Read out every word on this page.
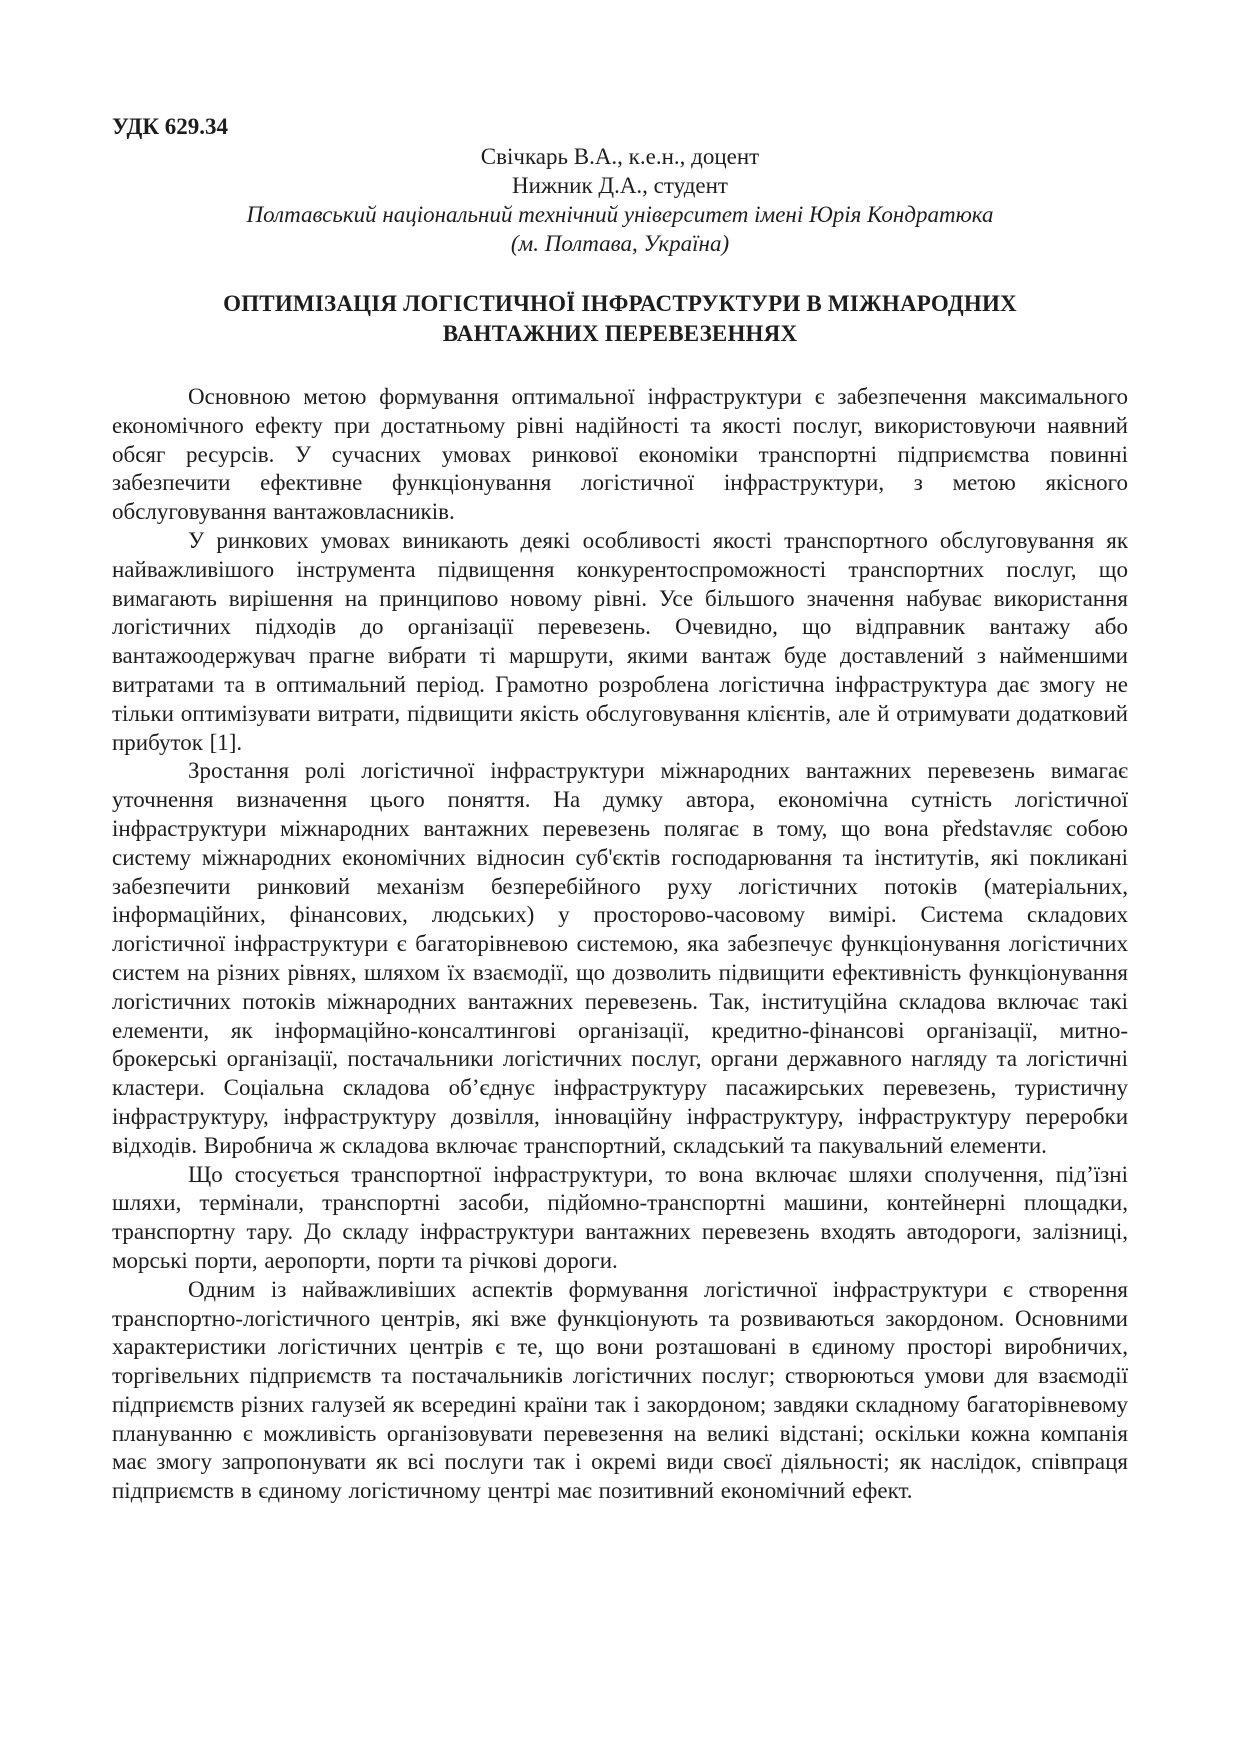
УДК 629.34
Свічкарь В.А., к.е.н., доцент
Нижник Д.А., студент
Полтавський національний технічний університет імені Юрія Кондратюка
(м. Полтава, Україна)
ОПТИМІЗАЦІЯ ЛОГІСТИЧНОЇ ІНФРАСТРУКТУРИ В МІЖНАРОДНИХ
ВАНТАЖНИХ ПЕРЕВЕЗЕННЯХ

Основною метою формування оптимальної інфраструктури є забезпечення максимального економічного ефекту при достатньому рівні надійності та якості послуг, використовуючи наявний обсяг ресурсів. У сучасних умовах ринкової економіки транспортні підприємства повинні забезпечити ефективне функціонування логістичної інфраструктури, з метою якісного обслуговування вантажовласників.

У ринкових умовах виникають деякі особливості якості транспортного обслуговування як найважливішого інструмента підвищення конкурентоспроможності транспортних послуг, що вимагають вирішення на принципово новому рівні. Усе більшого значення набуває використання логістичних підходів до організації перевезень. Очевидно, що відправник вантажу або вантажоодержувач прагне вибрати ті маршрути, якими вантаж буде доставлений з найменшими витратами та в оптимальний період. Грамотно розроблена логістична інфраструктура дає змогу не тільки оптимізувати витрати, підвищити якість обслуговування клієнтів, але й отримувати додатковий прибуток [1].

Зростання ролі логістичної інфраструктури міжнародних вантажних перевезень вимагає уточнення визначення цього поняття. На думку автора, економічна сутність логістичної інфраструктури міжнародних вантажних перевезень полягає в тому, що вона představляє собою систему міжнародних економічних відносин суб'єктів господарювання та інститутів, які покликані забезпечити ринковий механізм безперебійного руху логістичних потоків (матеріальних, інформаційних, фінансових, людських) у просторово-часовому вимірі. Система складових логістичної інфраструктури є багаторівневою системою, яка забезпечує функціонування логістичних систем на різних рівнях, шляхом їх взаємодії, що дозволить підвищити ефективність функціонування логістичних потоків міжнародних вантажних перевезень. Так, інституційна складова включає такі елементи, як інформаційно-консалтингові організації, кредитно-фінансові організації, митно-брокерські організації, постачальники логістичних послуг, органи державного нагляду та логістичні кластери. Соціальна складова об’єднує інфраструктуру пасажирських перевезень, туристичну інфраструктуру, інфраструктуру дозвілля, інноваційну інфраструктуру, інфраструктуру переробки відходів. Виробнича ж складова включає транспортний, складський та пакувальний елементи.

Що стосується транспортної інфраструктури, то вона включає шляхи сполучення, під’їзні шляхи, термінали, транспортні засоби, підйомно-транспортні машини, контейнерні площадки, транспортну тару. До складу інфраструктури вантажних перевезень входять автодороги, залізниці, морські порти, аеропорти, порти та річкові дороги.

Одним із найважливіших аспектів формування логістичної інфраструктури є створення транспортно-логістичного центрів, які вже функціонують та розвиваються закордоном. Основними характеристики логістичних центрів є те, що вони розташовані в єдиному просторі виробничих, торгівельних підприємств та постачальників логістичних послуг; створюються умови для взаємодії підприємств різних галузей як всередині країни так і закордоном; завдяки складному багаторівневому плануванню є можливість організовувати перевезення на великі відстані; оскільки кожна компанія має змогу запропонувати як всі послуги так і окремі види своєї діяльності; як наслідок, співпраця підприємств в єдиному логістичному центрі має позитивний економічний ефект.
